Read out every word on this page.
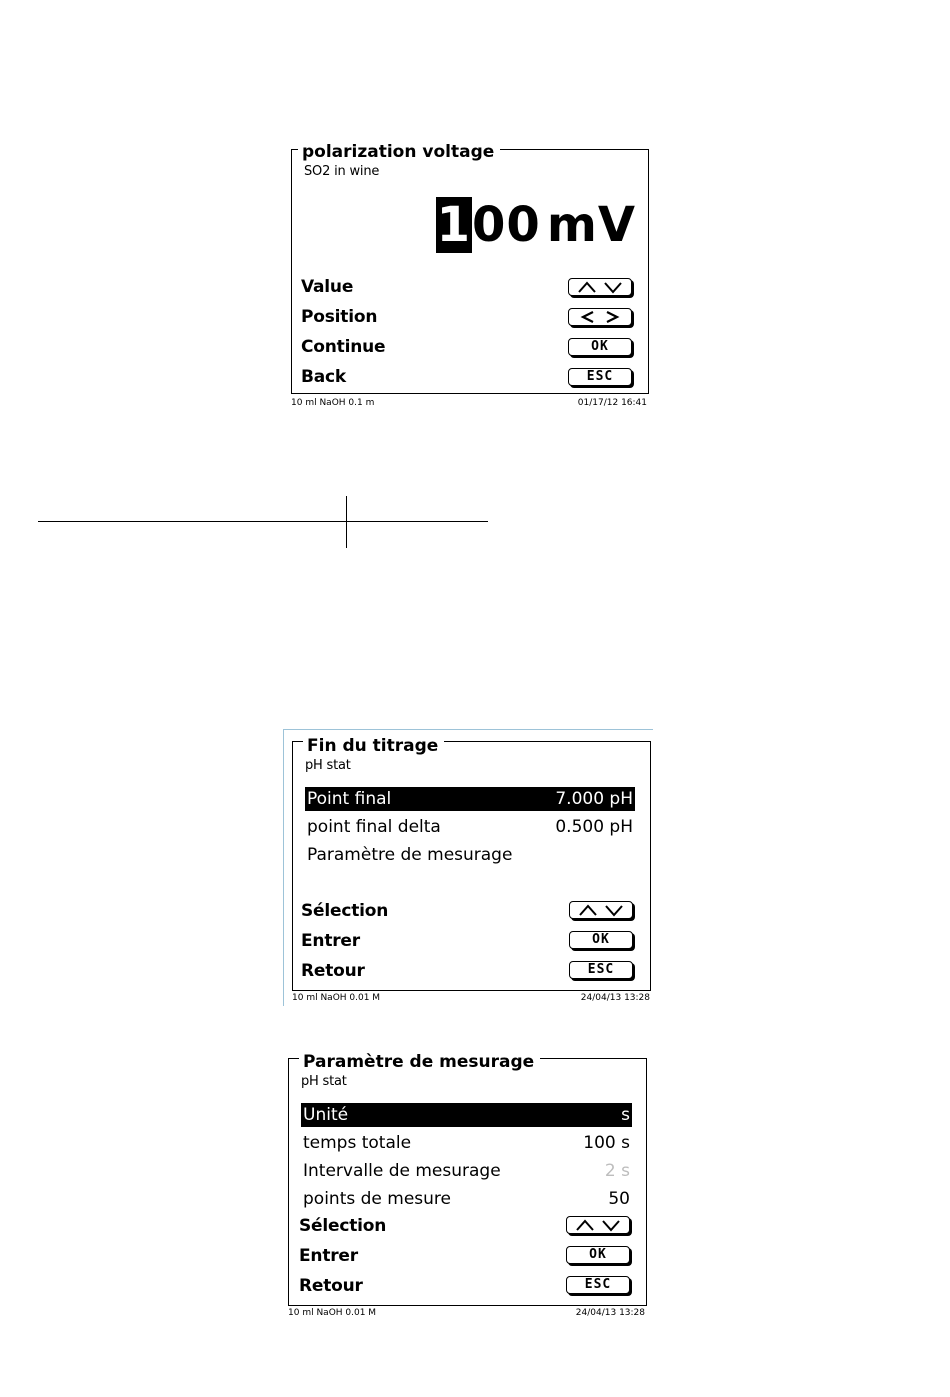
polarization voltage
SO2 in wine
100 mV
Value
Position
Continue	OK
Back	ESC
10 ml NaOH 0.1 m	01/17/12 16:41
Fin du titrage
pH stat
Point final	7.000 pH
point final delta	0.500 pH
Paramètre de mesurage
Sélection
Entrer	OK
Retour	ESC
10 ml NaOH 0.01 M	24/04/13 13:28
Paramètre de mesurage
pH stat
Unité	s
temps totale	100 s
Intervalle de mesurage	2 s
points de mesure	50
Sélection
Entrer	OK
Retour	ESC
10 ml NaOH 0.01 M	24/04/13 13:28
